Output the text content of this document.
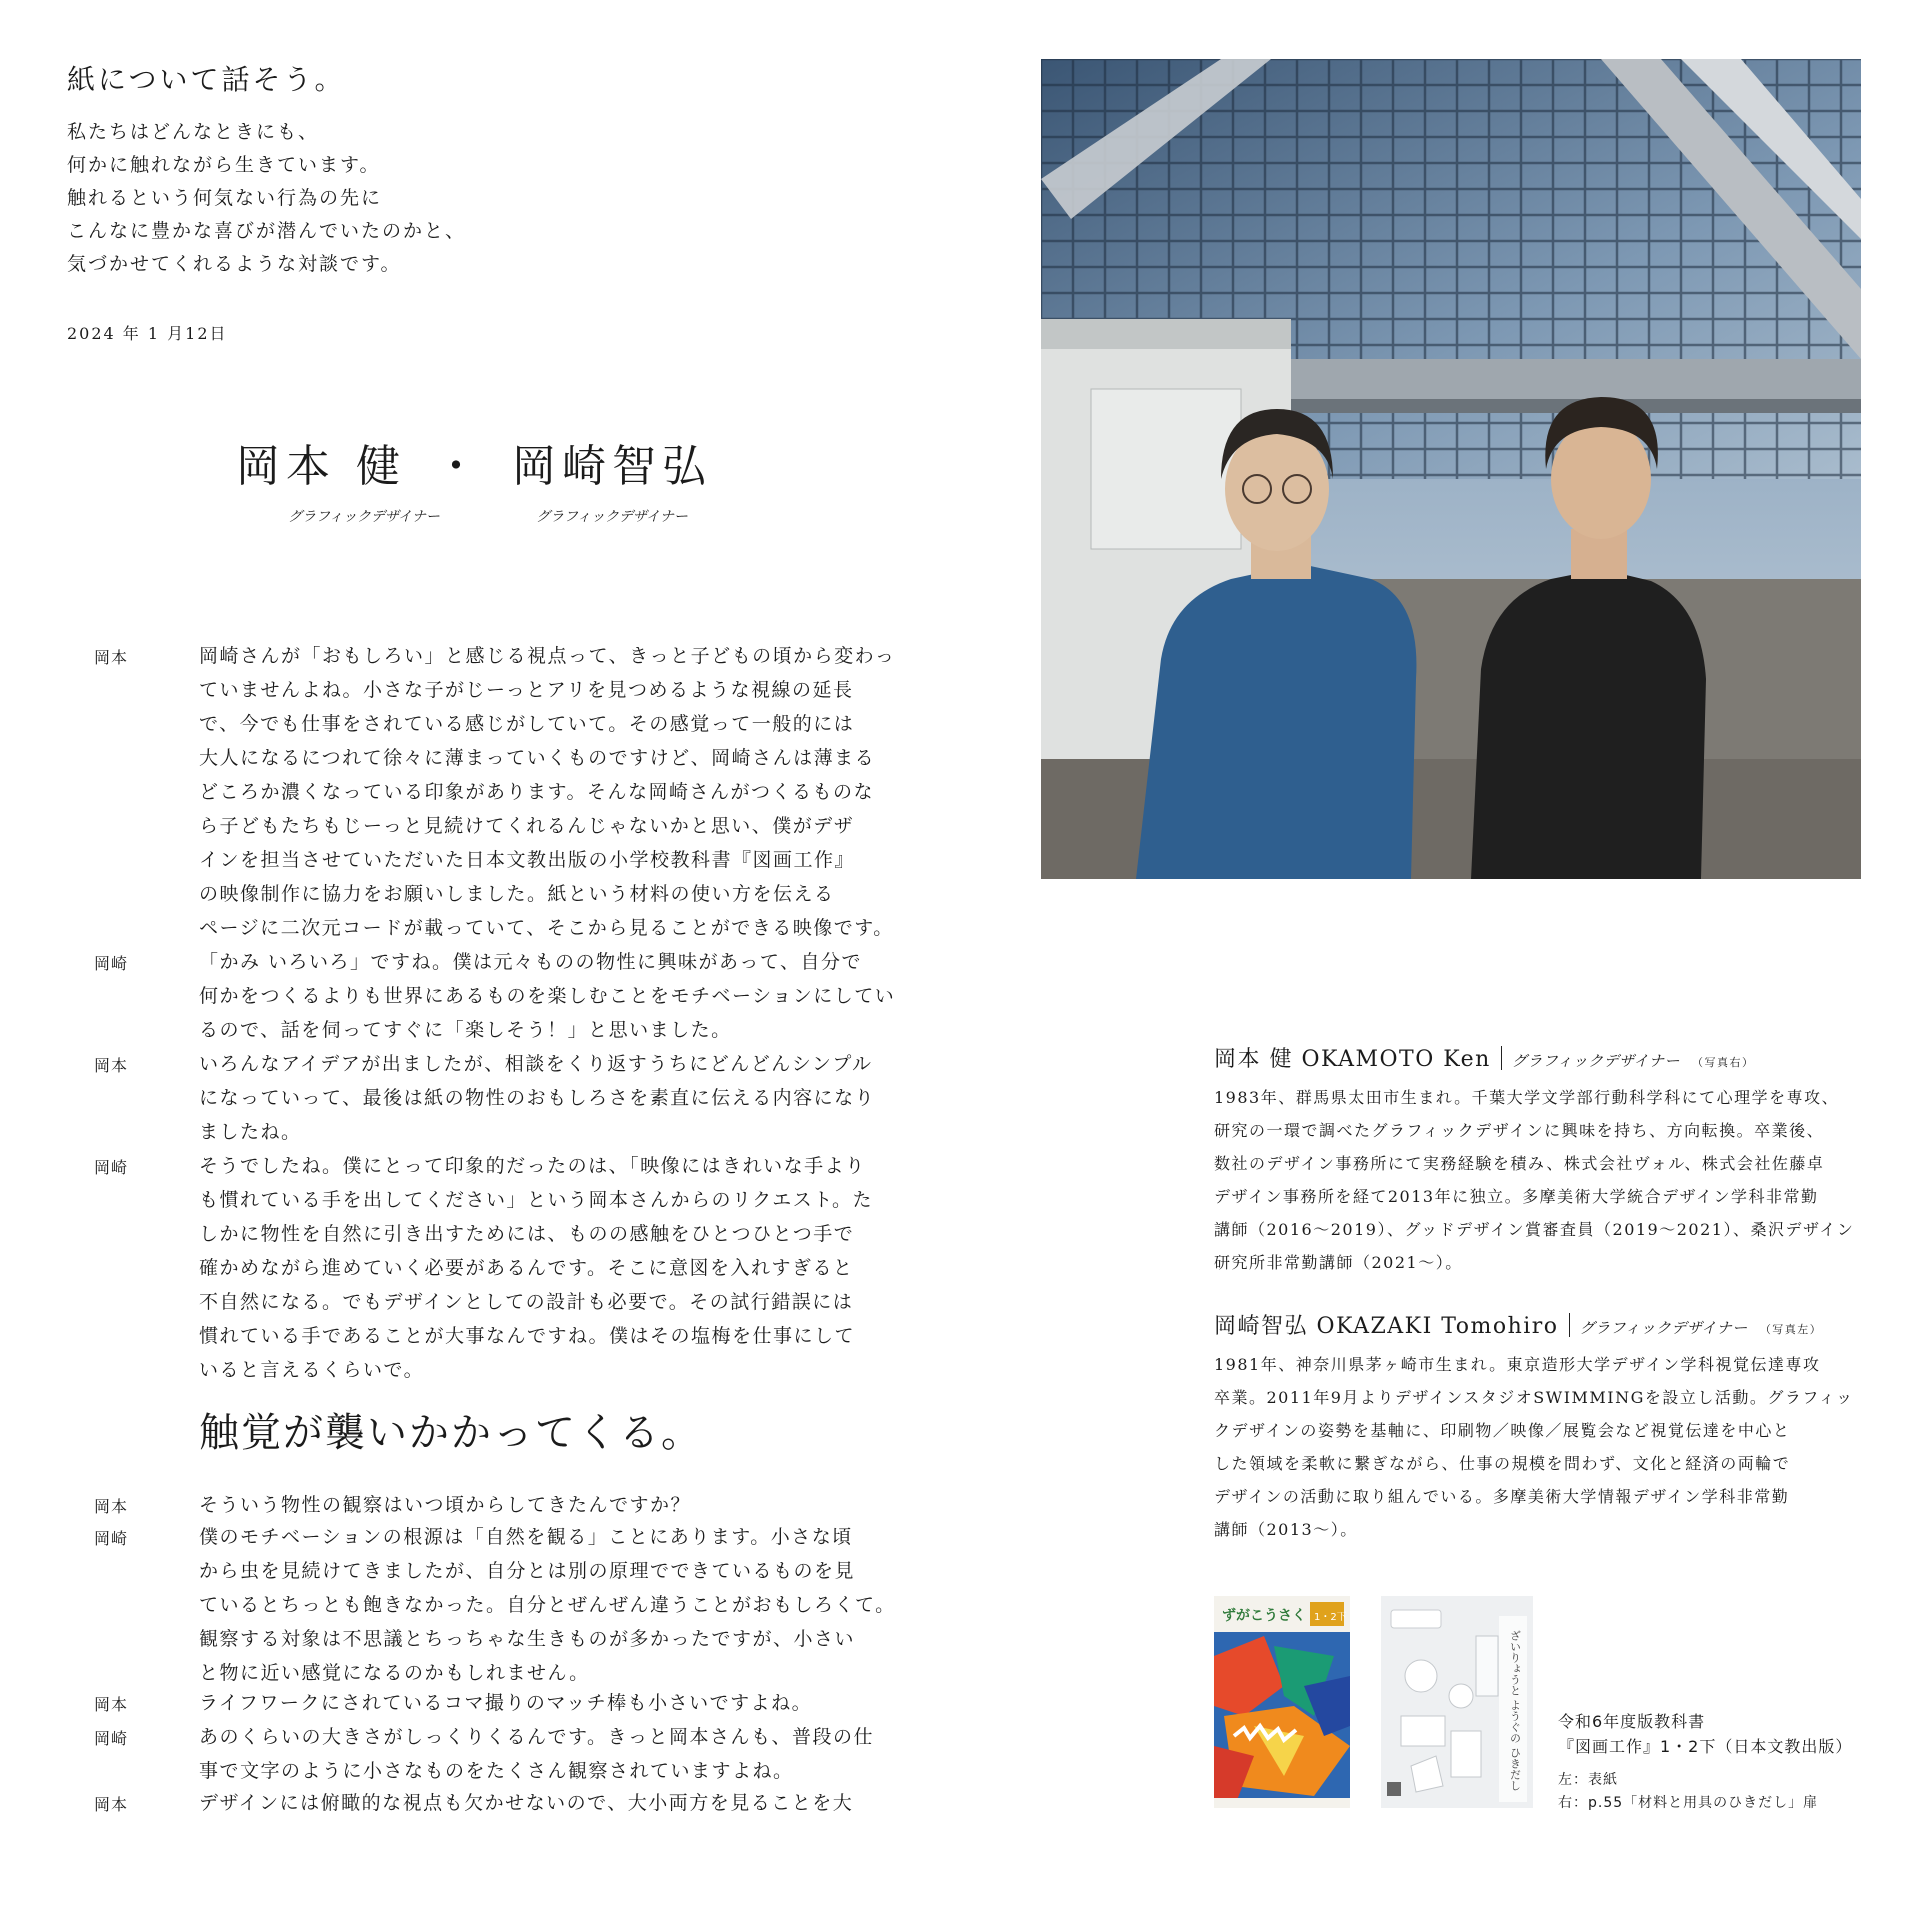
紙について話そう。
私たちはどんなときにも、
何かに触れながら生きています。
触れるという何気ない行為の先に
こんなに豊かな喜びが潜んでいたのかと、
気づかせてくれるような対談です。
2024 年 1 月12日
岡本 健 ・ 岡崎智弘
グラフィックデザイナー	グラフィックデザイナー
岡本	岡崎さんが「おもしろい」と感じる視点って、きっと子どもの頃から変わっ
ていませんよね。小さな子がじーっとアリを見つめるような視線の延長
で、今でも仕事をされている感じがしていて。その感覚って一般的には
大人になるにつれて徐々に薄まっていくものですけど、岡崎さんは薄まる
どころか濃くなっている印象があります。そんな岡崎さんがつくるものな
ら子どもたちもじーっと見続けてくれるんじゃないかと思い、僕がデザ
インを担当させていただいた日本文教出版の小学校教科書『図画工作』
の映像制作に協力をお願いしました。紙という材料の使い方を伝える
ページに二次元コードが載っていて、そこから見ることができる映像です。
岡崎	「かみ いろいろ」ですね。僕は元々ものの物性に興味があって、自分で
何かをつくるよりも世界にあるものを楽しむことをモチベーションにしてい
るので、話を伺ってすぐに「楽しそう！」と思いました。
岡本	いろんなアイデアが出ましたが、相談をくり返すうちにどんどんシンプル
になっていって、最後は紙の物性のおもしろさを素直に伝える内容になり
ましたね。
岡崎	そうでしたね。僕にとって印象的だったのは、「映像にはきれいな手より
も慣れている手を出してください」という岡本さんからのリクエスト。た
しかに物性を自然に引き出すためには、ものの感触をひとつひとつ手で
確かめながら進めていく必要があるんです。そこに意図を入れすぎると
不自然になる。でもデザインとしての設計も必要で。その試行錯誤には
慣れている手であることが大事なんですね。僕はその塩梅を仕事にして
いると言えるくらいで。
触覚が襲いかかってくる。
岡本	そういう物性の観察はいつ頃からしてきたんですか？
岡崎	僕のモチベーションの根源は「自然を観る」ことにあります。小さな頃
から虫を見続けてきましたが、自分とは別の原理でできているものを見
ているとちっとも飽きなかった。自分とぜんぜん違うことがおもしろくて。
観察する対象は不思議とちっちゃな生きものが多かったですが、小さい
と物に近い感覚になるのかもしれません。
岡本	ライフワークにされているコマ撮りのマッチ棒も小さいですよね。
岡崎	あのくらいの大きさがしっくりくるんです。きっと岡本さんも、普段の仕
事で文字のように小さなものをたくさん観察されていますよね。
岡本	デザインには俯瞰的な視点も欠かせないので、大小両方を見ることを大
岡本 健 OKAMOTO Ken グラフィックデザイナー （写真右）
1983年、群馬県太田市生まれ。千葉大学文学部行動科学科にて心理学を専攻、
研究の一環で調べたグラフィックデザインに興味を持ち、方向転換。卒業後、
数社のデザイン事務所にて実務経験を積み、株式会社ヴォル、株式会社佐藤卓
デザイン事務所を経て2013年に独立。多摩美術大学統合デザイン学科非常勤
講師（2016～2019）、グッドデザイン賞審査員（2019～2021）、桑沢デザイン
研究所非常勤講師（2021～）。
岡崎智弘 OKAZAKI Tomohiro グラフィックデザイナー （写真左）
1981年、神奈川県茅ヶ崎市生まれ。東京造形大学デザイン学科視覚伝達専攻
卒業。2011年9月よりデザインスタジオSWIMMINGを設立し活動。グラフィッ
クデザインの姿勢を基軸に、印刷物／映像／展覧会など視覚伝達を中心と
した領域を柔軟に繋ぎながら、仕事の規模を問わず、文化と経済の両輪で
デザインの活動に取り組んでいる。多摩美術大学情報デザイン学科非常勤
講師（2013～）。
ずがこうさく 1・2下
ざいりょうと ようぐの ひきだし 令和6年度版教科書
『図画工作』1・2下（日本文教出版）
左：表紙
右：p.55「材料と用具のひきだし」扉
